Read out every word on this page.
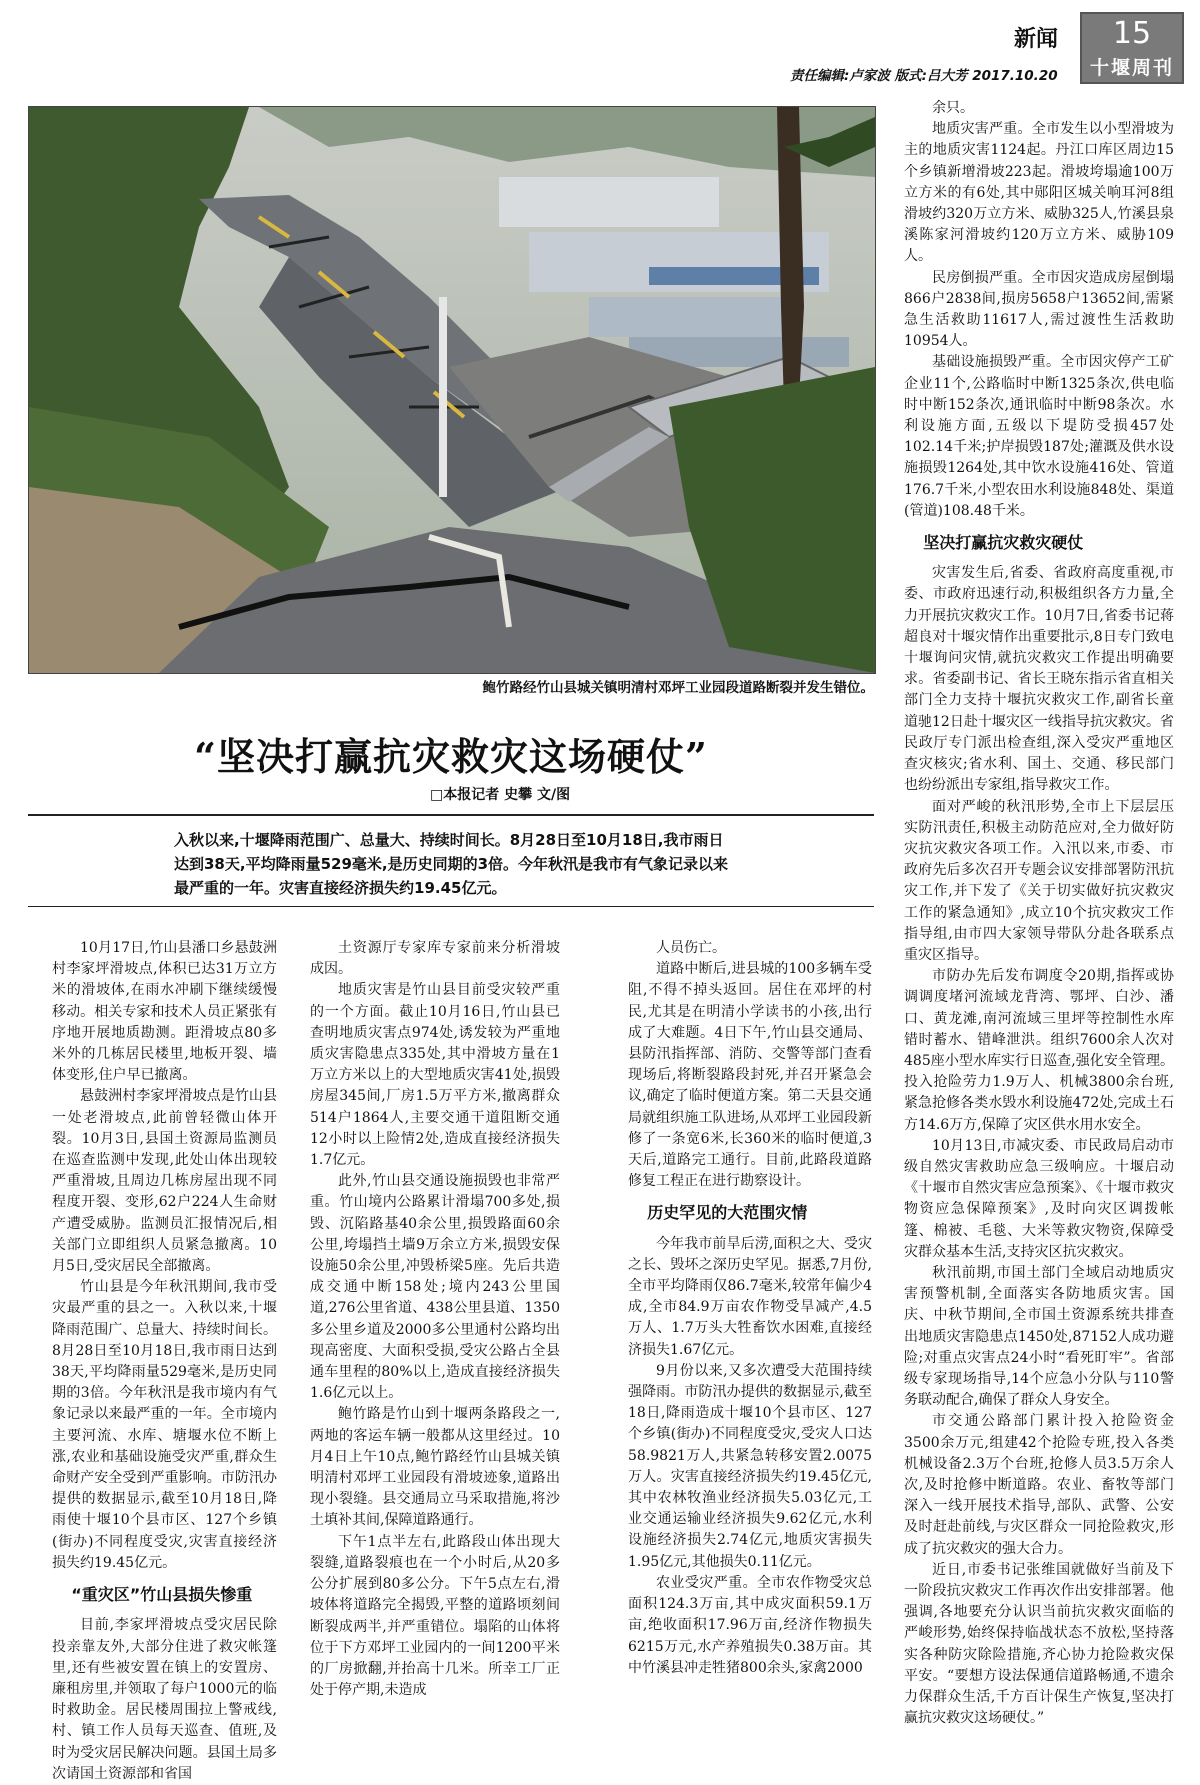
新闻	15
十堰周刊
责任编辑:卢家波 版式:吕大芳 2017.10.20
鲍竹路经竹山县城关镇明清村邓坪工业园段道路断裂并发生错位。
“坚决打赢抗灾救灾这场硬仗”
□本报记者 史攀 文/图
入秋以来,十堰降雨范围广、总量大、持续时间长。8月28日至10月18日,我市雨日达到38天,平均降雨量529毫米,是历史同期的3倍。今年秋汛是我市有气象记录以来最严重的一年。灾害直接经济损失约19.45亿元。

10月17日,竹山县潘口乡悬鼓洲村李家坪滑坡点,体积已达31万立方米的滑坡体,在雨水冲刷下继续缓慢移动。相关专家和技术人员正紧张有序地开展地质勘测。距滑坡点80多米外的几栋居民楼里,地板开裂、墙体变形,住户早已撤离。

悬鼓洲村李家坪滑坡点是竹山县一处老滑坡点,此前曾轻微山体开裂。10月3日,县国土资源局监测员在巡查监测中发现,此处山体出现较严重滑坡,且周边几栋房屋出现不同程度开裂、变形,62户224人生命财产遭受威胁。监测员汇报情况后,相关部门立即组织人员紧急撤离。10月5日,受灾居民全部撤离。

竹山县是今年秋汛期间,我市受灾最严重的县之一。入秋以来,十堰降雨范围广、总量大、持续时间长。8月28日至10月18日,我市雨日达到38天,平均降雨量529毫米,是历史同期的3倍。今年秋汛是我市境内有气象记录以来最严重的一年。全市境内主要河流、水库、塘堰水位不断上涨,农业和基础设施受灾严重,群众生命财产安全受到严重影响。市防汛办提供的数据显示,截至10月18日,降雨使十堰10个县市区、127个乡镇(街办)不同程度受灾,灾害直接经济损失约19.45亿元。

“重灾区”竹山县损失惨重

目前,李家坪滑坡点受灾居民除投亲靠友外,大部分住进了救灾帐篷里,还有些被安置在镇上的安置房、廉租房里,并领取了每户1000元的临时救助金。居民楼周围拉上警戒线,村、镇工作人员每天巡查、值班,及时为受灾居民解决问题。县国土局多次请国土资源部和省国

土资源厅专家库专家前来分析滑坡成因。

地质灾害是竹山县目前受灾较严重的一个方面。截止10月16日,竹山县已查明地质灾害点974处,诱发较为严重地质灾害隐患点335处,其中滑坡方量在1万立方米以上的大型地质灾害41处,损毁房屋345间,厂房1.5万平方米,撤离群众514户1864人,主要交通干道阻断交通12小时以上险情2处,造成直接经济损失1.7亿元。

此外,竹山县交通设施损毁也非常严重。竹山境内公路累计滑塌700多处,损毁、沉陷路基40余公里,损毁路面60余公里,垮塌挡土墙9万余立方米,损毁安保设施50余公里,冲毁桥梁5座。先后共造成交通中断158处;境内243公里国道,276公里省道、438公里县道、1350多公里乡道及2000多公里通村公路均出现高密度、大面积受损,受灾公路占全县通车里程的80%以上,造成直接经济损失1.6亿元以上。

鲍竹路是竹山到十堰两条路段之一,两地的客运车辆一般都从这里经过。10月4日上午10点,鲍竹路经竹山县城关镇明清村邓坪工业园段有滑坡迹象,道路出现小裂缝。县交通局立马采取措施,将沙土填补其间,保障道路通行。

下午1点半左右,此路段山体出现大裂缝,道路裂痕也在一个小时后,从20多公分扩展到80多公分。下午5点左右,滑坡体将道路完全揭毁,平整的道路顷刻间断裂成两半,并严重错位。塌陷的山体将位于下方邓坪工业园内的一间1200平米的厂房掀翻,并抬高十几米。所幸工厂正处于停产期,未造成

人员伤亡。

道路中断后,进县城的100多辆车受阻,不得不掉头返回。居住在邓坪的村民,尤其是在明清小学读书的小孩,出行成了大难题。4日下午,竹山县交通局、县防汛指挥部、消防、交警等部门查看现场后,将断裂路段封死,并召开紧急会议,确定了临时便道方案。第二天县交通局就组织施工队进场,从邓坪工业园段新修了一条宽6米,长360米的临时便道,3天后,道路完工通行。目前,此路段道路修复工程正在进行勘察设计。

历史罕见的大范围灾情

今年我市前旱后涝,面积之大、受灾之长、毁坏之深历史罕见。据悉,7月份,全市平均降雨仅86.7毫米,较常年偏少4成,全市84.9万亩农作物受旱减产,4.5万人、1.7万头大牲畜饮水困难,直接经济损失1.67亿元。

9月份以来,又多次遭受大范围持续强降雨。市防汛办提供的数据显示,截至18日,降雨造成十堰10个县市区、127个乡镇(街办)不同程度受灾,受灾人口达58.9821万人,共紧急转移安置2.0075万人。灾害直接经济损失约19.45亿元,其中农林牧渔业经济损失5.03亿元,工业交通运输业经济损失9.62亿元,水利设施经济损失2.74亿元,地质灾害损失1.95亿元,其他损失0.11亿元。

农业受灾严重。全市农作物受灾总面积124.3万亩,其中成灾面积59.1万亩,绝收面积17.96万亩,经济作物损失6215万元,水产养殖损失0.38万亩。其中竹溪县冲走牲猪800余头,家禽2000

余只。

地质灾害严重。全市发生以小型滑坡为主的地质灾害1124起。丹江口库区周边15个乡镇新增滑坡223起。滑坡垮塌逾100万立方米的有6处,其中郧阳区城关响耳河8组滑坡约320万立方米、威胁325人,竹溪县泉溪陈家河滑坡约120万立方米、威胁109人。

民房倒损严重。全市因灾造成房屋倒塌866户2838间,损房5658户13652间,需紧急生活救助11617人,需过渡性生活救助10954人。

基础设施损毁严重。全市因灾停产工矿企业11个,公路临时中断1325条次,供电临时中断152条次,通讯临时中断98条次。水利设施方面,五级以下堤防受损457处102.14千米;护岸损毁187处;灌溉及供水设施损毁1264处,其中饮水设施416处、管道176.7千米,小型农田水利设施848处、渠道(管道)108.48千米。

坚决打赢抗灾救灾硬仗

灾害发生后,省委、省政府高度重视,市委、市政府迅速行动,积极组织各方力量,全力开展抗灾救灾工作。10月7日,省委书记蒋超良对十堰灾情作出重要批示,8日专门致电十堰询问灾情,就抗灾救灾工作提出明确要求。省委副书记、省长王晓东指示省直相关部门全力支持十堰抗灾救灾工作,副省长童道驰12日赴十堰灾区一线指导抗灾救灾。省民政厅专门派出检查组,深入受灾严重地区查灾核灾;省水利、国土、交通、移民部门也纷纷派出专家组,指导救灾工作。

面对严峻的秋汛形势,全市上下层层压实防汛责任,积极主动防范应对,全力做好防灾抗灾救灾各项工作。入汛以来,市委、市政府先后多次召开专题会议安排部署防汛抗灾工作,并下发了《关于切实做好抗灾救灾工作的紧急通知》,成立10个抗灾救灾工作指导组,由市四大家领导带队分赴各联系点重灾区指导。

市防办先后发布调度令20期,指挥或协调调度堵河流域龙背湾、鄂坪、白沙、潘口、黄龙滩,南河流域三里坪等控制性水库错时蓄水、错峰泄洪。组织7600余人次对485座小型水库实行日巡查,强化安全管理。投入抢险劳力1.9万人、机械3800余台班,紧急抢修各类水毁水利设施472处,完成土石方14.6万方,保障了灾区供水用水安全。

10月13日,市减灾委、市民政局启动市级自然灾害救助应急三级响应。十堰启动《十堰市自然灾害应急预案》、《十堰市救灾物资应急保障预案》,及时向灾区调拨帐篷、棉被、毛毯、大米等救灾物资,保障受灾群众基本生活,支持灾区抗灾救灾。

秋汛前期,市国土部门全域启动地质灾害预警机制,全面落实各防地质灾害。国庆、中秋节期间,全市国土资源系统共排查出地质灾害隐患点1450处,87152人成功避险;对重点灾害点24小时“看死盯牢”。省部级专家现场指导,14个应急小分队与110警务联动配合,确保了群众人身安全。

市交通公路部门累计投入抢险资金3500余万元,组建42个抢险专班,投入各类机械设备2.3万个台班,抢修人员3.5万余人次,及时抢修中断道路。农业、畜牧等部门深入一线开展技术指导,部队、武警、公安及时赶赴前线,与灾区群众一同抢险救灾,形成了抗灾救灾的强大合力。

近日,市委书记张维国就做好当前及下一阶段抗灾救灾工作再次作出安排部署。他强调,各地要充分认识当前抗灾救灾面临的严峻形势,始终保持临战状态不放松,坚持落实各种防灾除险措施,齐心协力抢险救灾保平安。“要想方设法保通信道路畅通,不遗余力保群众生活,千方百计保生产恢复,坚决打赢抗灾救灾这场硬仗。”
